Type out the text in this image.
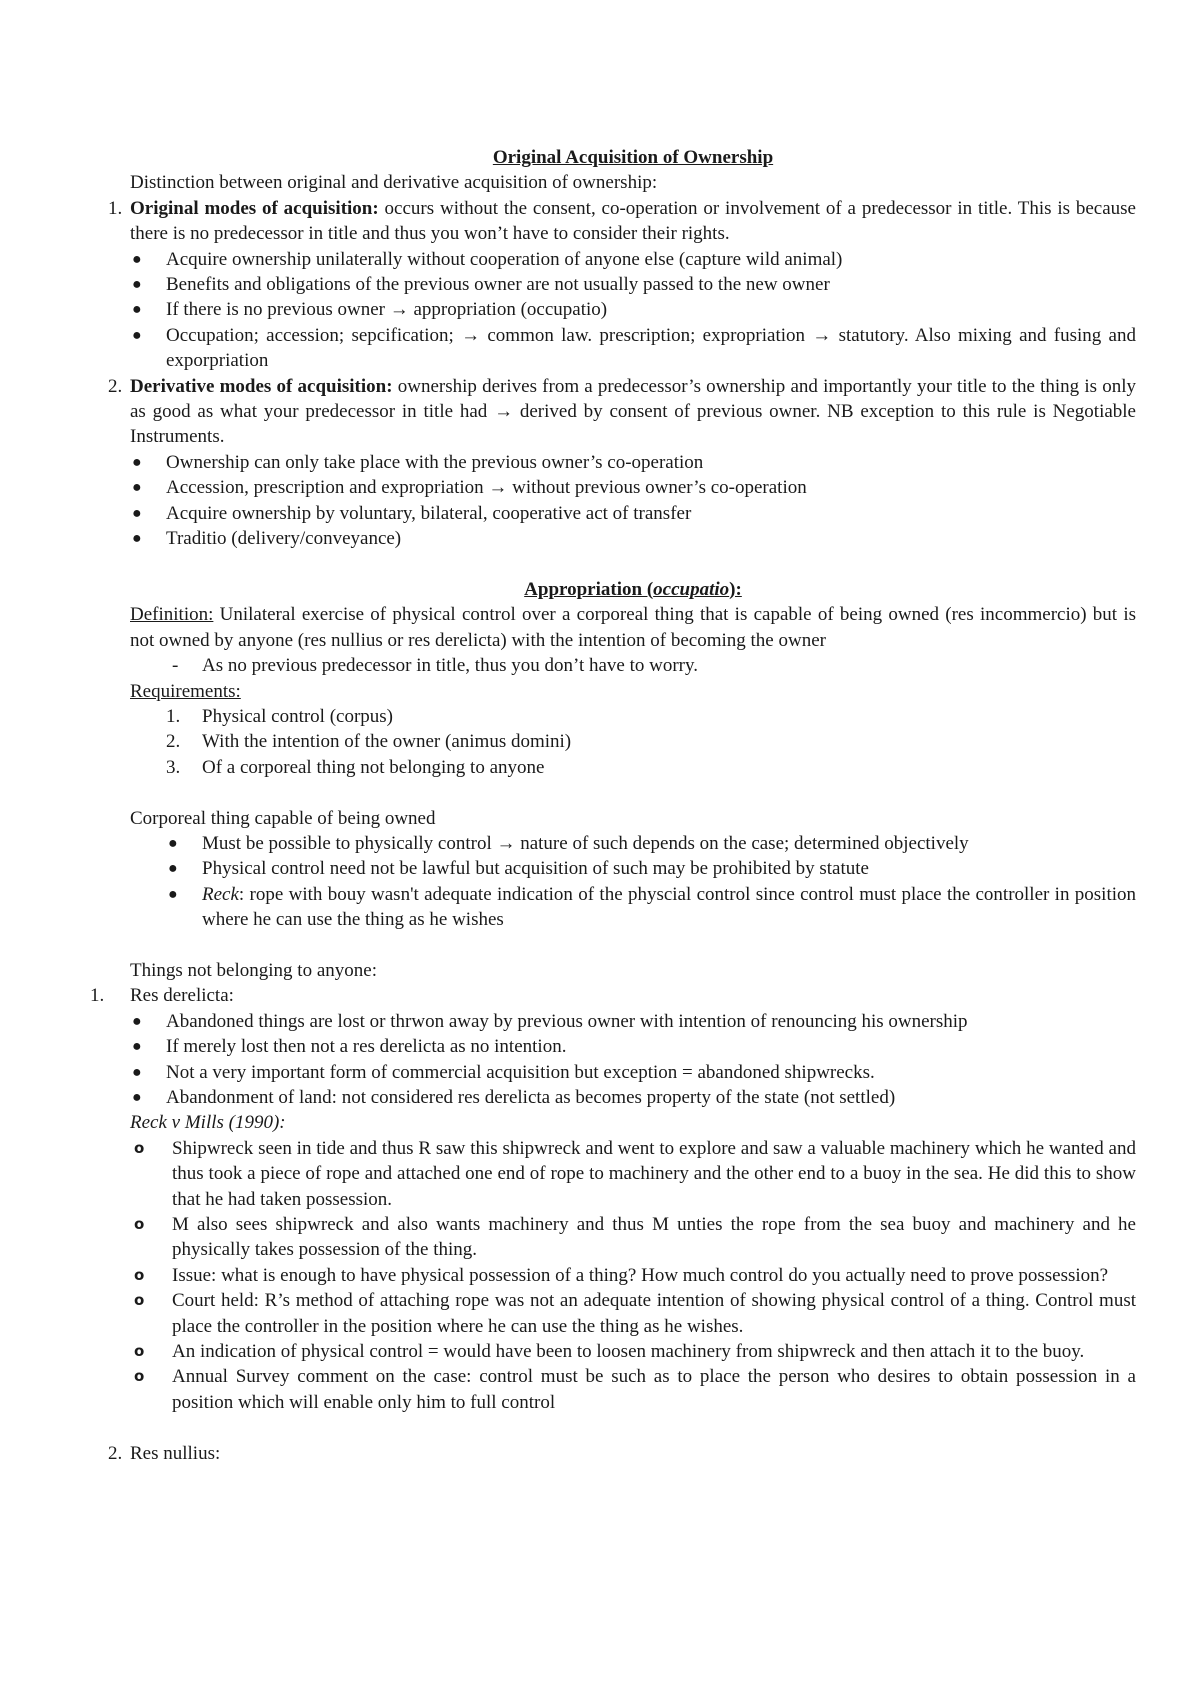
Original Acquisition of Ownership

Distinction between original and derivative acquisition of ownership:

1. Original modes of acquisition: occurs without the consent, co-operation or involvement of a predecessor in title. This is because there is no predecessor in title and thus you won’t have to consider their rights.
● Acquire ownership unilaterally without cooperation of anyone else (capture wild animal)
● Benefits and obligations of the previous owner are not usually passed to the new owner
● If there is no previous owner → appropriation (occupatio)
● Occupation; accession; sepcification; → common law. prescription; expropriation → statutory. Also mixing and fusing and exporpriation
2. Derivative modes of acquisition: ownership derives from a predecessor’s ownership and importantly your title to the thing is only as good as what your predecessor in title had → derived by consent of previous owner. NB exception to this rule is Negotiable Instruments.
● Ownership can only take place with the previous owner’s co-operation
● Accession, prescription and expropriation → without previous owner’s co-operation
● Acquire ownership by voluntary, bilateral, cooperative act of transfer
● Traditio (delivery/conveyance)

Appropriation (occupatio):

Definition: Unilateral exercise of physical control over a corporeal thing that is capable of being owned (res incommercio) but is not owned by anyone (res nullius or res derelicta) with the intention of becoming the owner

- As no previous predecessor in title, thus you don’t have to worry.

Requirements:

1. Physical control (corpus)
2. With the intention of the owner (animus domini)
3. Of a corporeal thing not belonging to anyone

Corporeal thing capable of being owned

● Must be possible to physically control → nature of such depends on the case; determined objectively
● Physical control need not be lawful but acquisition of such may be prohibited by statute
● Reck: rope with bouy wasn't adequate indication of the physcial control since control must place the controller in position where he can use the thing as he wishes

Things not belonging to anyone:

1.	Res derelicta:
● Abandoned things are lost or thrwon away by previous owner with intention of renouncing his ownership
● If merely lost then not a res derelicta as no intention.
● Not a very important form of commercial acquisition but exception = abandoned shipwrecks.
● Abandonment of land: not considered res derelicta as becomes property of the state (not settled)

Reck v Mills (1990):

o Shipwreck seen in tide and thus R saw this shipwreck and went to explore and saw a valuable machinery which he wanted and thus took a piece of rope and attached one end of rope to machinery and the other end to a buoy in the sea. He did this to show that he had taken possession.
o M also sees shipwreck and also wants machinery and thus M unties the rope from the sea buoy and machinery and he physically takes possession of the thing.
o Issue: what is enough to have physical possession of a thing? How much control do you actually need to prove possession?
o Court held: R’s method of attaching rope was not an adequate intention of showing physical control of a thing. Control must place the controller in the position where he can use the thing as he wishes.
o An indication of physical control = would have been to loosen machinery from shipwreck and then attach it to the buoy.
o Annual Survey comment on the case: control must be such as to place the person who desires to obtain possession in a position which will enable only him to full control
2. Res nullius:
